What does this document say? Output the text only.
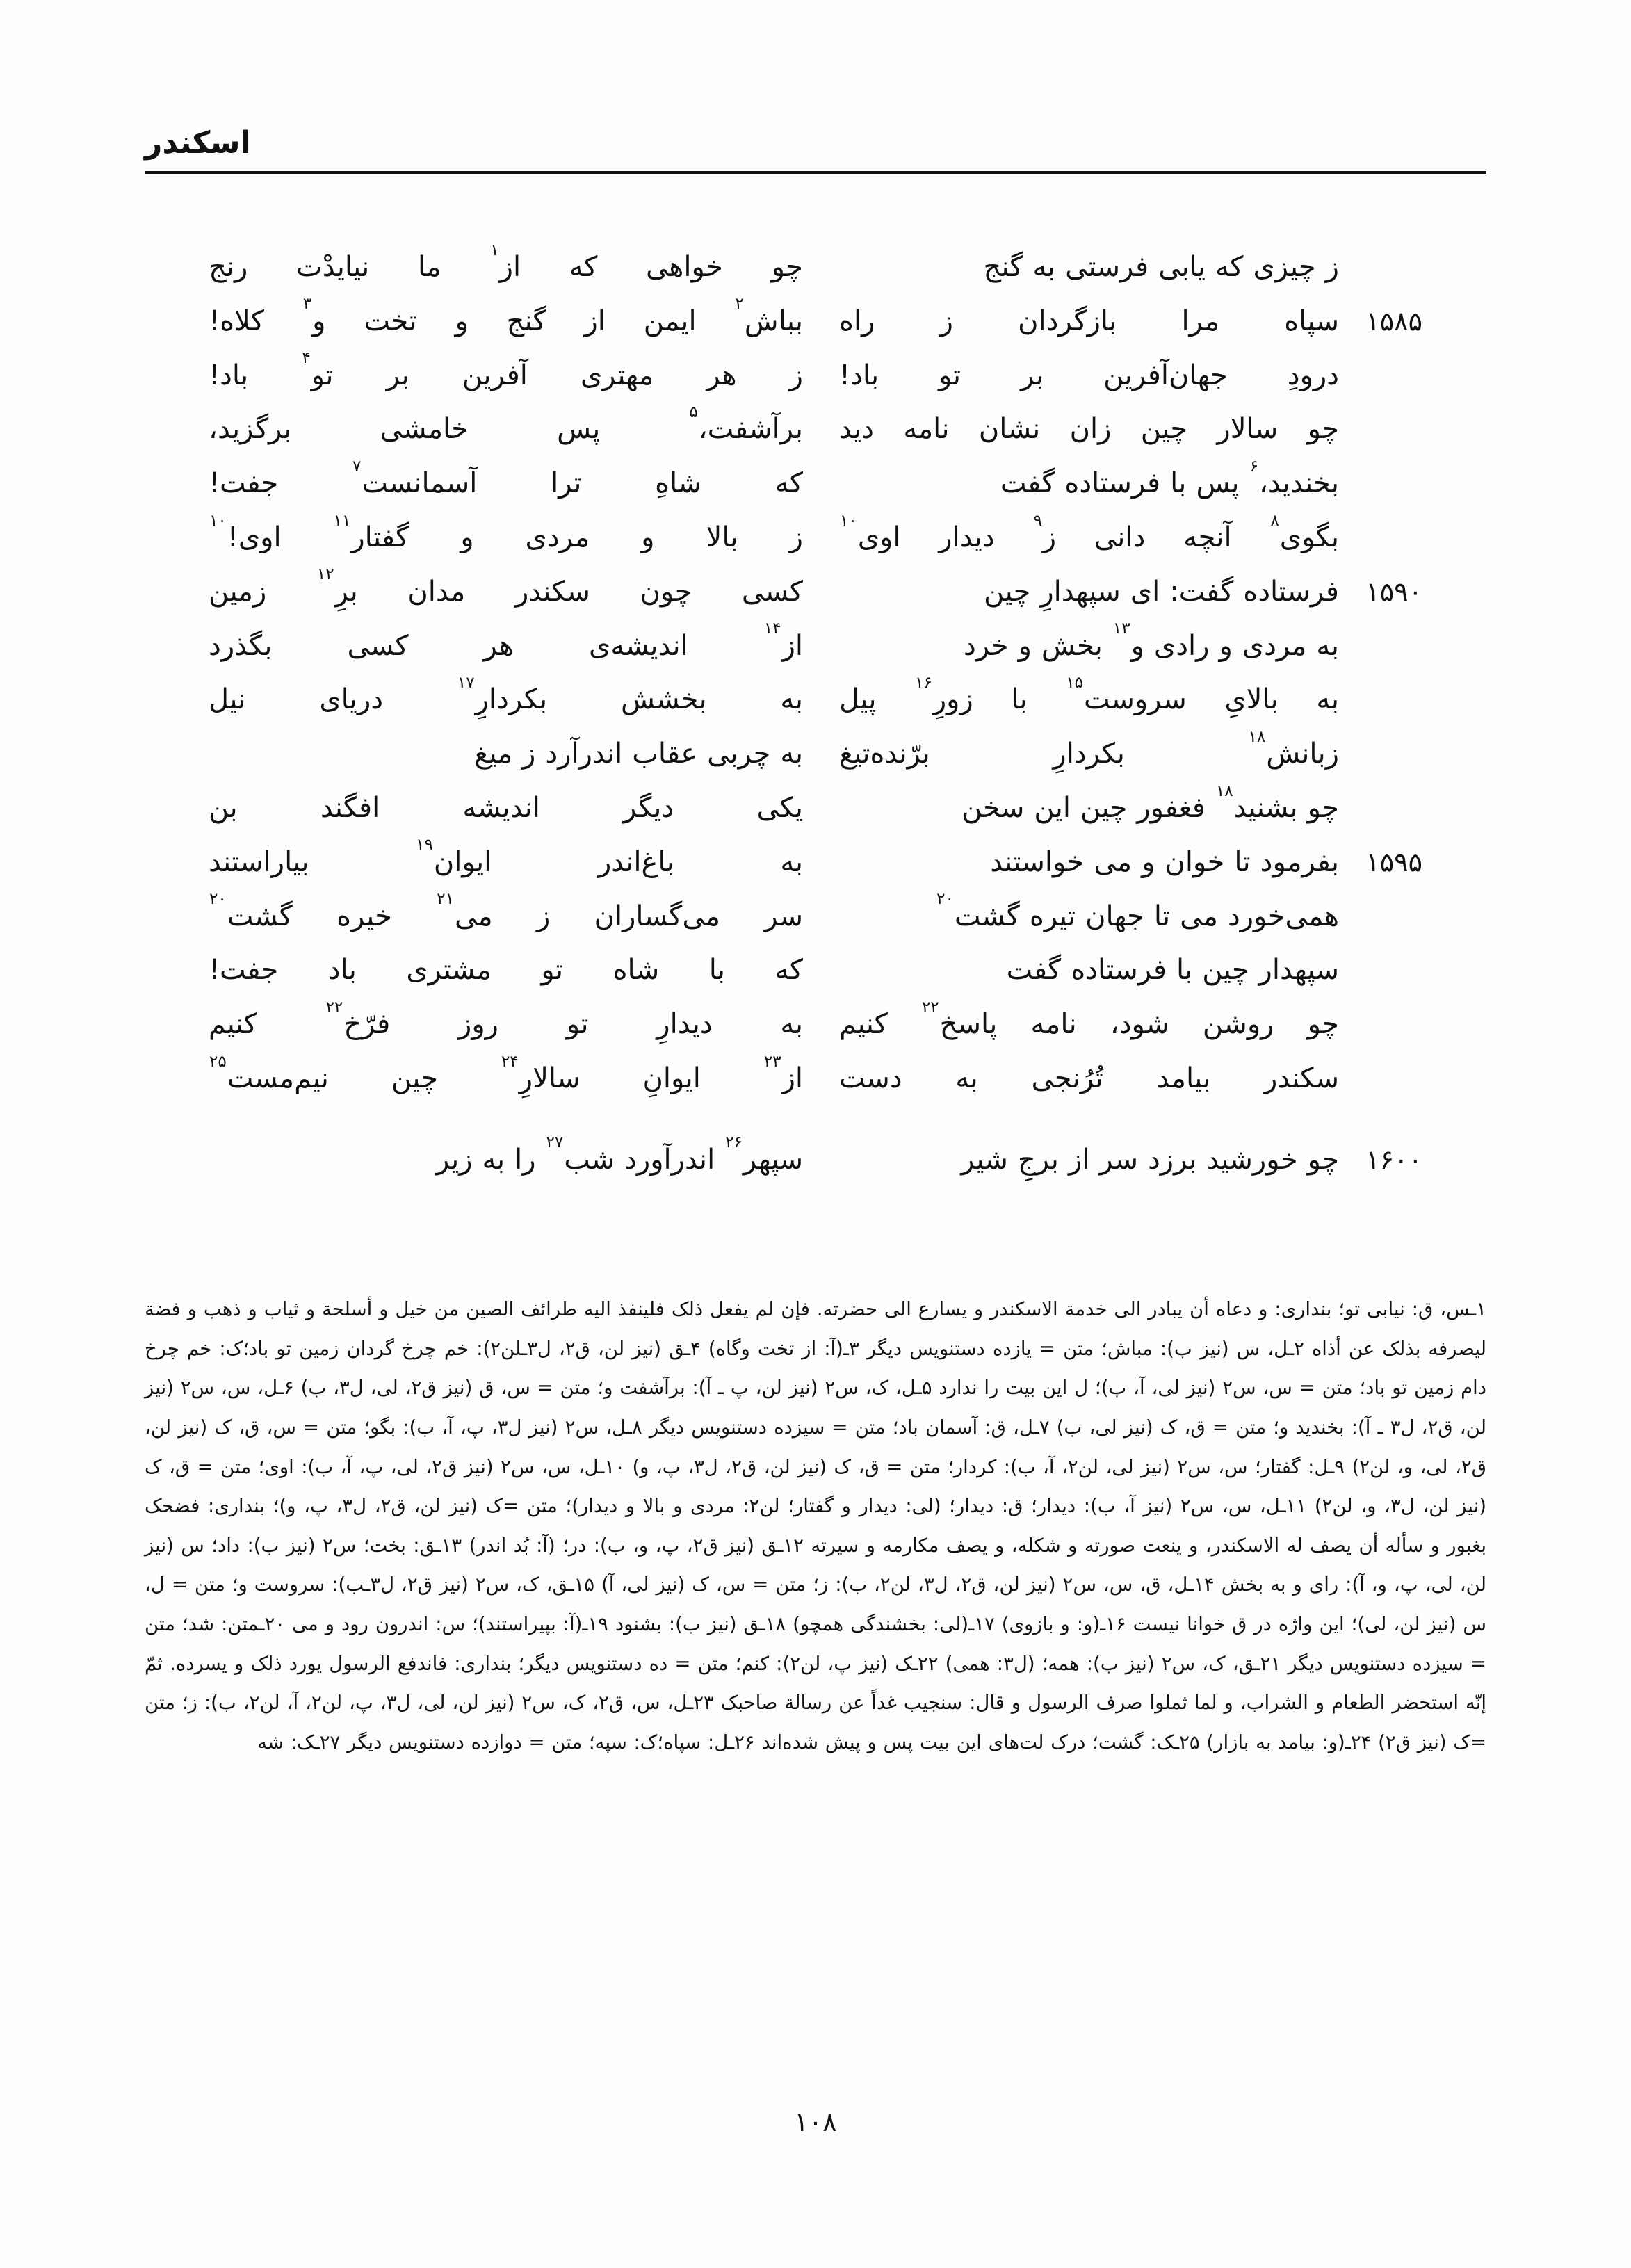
اسکندر

ز
چیزی
که
یابی
فرستی
به
گنج
چو
خواهی
که
از$^۱$
ما
نیایدْت
رنج
۱۵۸۵
سپاه
مرا
بازگردان
ز
راه
بباش$^۲$
ایمن
از
گنج
و
تخت
و$^۳$
کلاه!

درودِ
جهان‌آفرین
بر
تو
باد!
ز
هر
مهتری
آفرین
بر
تو$^۴$
باد!

چو
سالار
چین
زان
نشان
نامه
دید
برآشفت،$^۵$
پس
خامشی
برگزید،

بخندید،$^۶$
پس
با
فرستاده
گفت
که
شاهِ
ترا
آسمانست$^۷$
جفت!

بگوی$^۸$
آنچه
دانی
ز$^۹$
دیدار
اوی$^{۱۰}$
ز
بالا
و
مردی
و
گفتار$^{۱۱}$
اوی!$^{۱۰}$
۱۵۹۰
فرستاده
گفت:
ای
سپهدارِ
چین
کسی
چون
سکندر
مدان
برِ$^{۱۲}$
زمین

به
مردی
و
رادی
و$^{۱۳}$
بخش
و
خرد
از$^{۱۴}$
اندیشه‌ی
هر
کسی
بگذرد

به
بالایِ
سروست$^{۱۵}$
با
زورِ$^{۱۶}$
پیل
به
بخشش
بکردارِ$^{۱۷}$
دریای
نیل

زبانش$^{۱۸}$
بکردارِ
برّنده‌تیغ
به
چربی
عقاب
اندرآرد
ز
میغ

چو
بشنید$^{۱۸}$
فغفور
چین
این
سخن
یکی
دیگر
اندیشه
افگند
بن
۱۵۹۵
بفرمود
تا
خوان
و
می
خواستند
به
باغ‌اندر
ایوان$^{۱۹}$
بیاراستند

همی‌خورد
می
تا
جهان
تیره
گشت$^{۲۰}$
سر
می‌گساران
ز
می$^{۲۱}$
خیره
گشت$^{۲۰}$

سپهدار
چین
با
فرستاده
گفت
که
با
شاه
تو
مشتری
باد
جفت!

چو
روشن
شود،
نامه
پاسخ$^{۲۲}$
کنیم
به
دیدارِ
تو
روز
فرّخ$^{۲۲}$
کنیم

سکندر
بیامد
تُرُنجی
به
دست
از$^{۲۳}$
ایوانِ
سالارِ$^{۲۴}$
چین
نیم‌مست$^{۲۵}$
۱۶۰۰
چو
خورشید
برزد
سر
از
برجِ
شیر
سپهر$^{۲۶}$
اندرآورد
شب$^{۲۷}$
را
به
زیر

۱ـس، ق: نیابی تو؛ بنداری: و دعاه أن یبادر الی خدمة الاسکندر و یسارع الی حضرته. فإن لم یفعل ذلک فلینفذ الیه طرائف الصین من خیل و أسلحة و ثیاب و ذهب و فضة لیصرفه بذلک عن أذاه ۲ـل، س (نیز ب): مباش؛ متن = یازده دستنویس دیگر ۳ـ(آ: از تخت وگاه) ۴ـق (نیز لن، ق‌۲، ل‌۳ـلن‌۲): خم چرخ گردان زمین تو باد؛ک: خم چرخ دام زمین تو باد؛ متن = س، س‌۲ (نیز لی، آ، ب)؛ ل این بیت را ندارد ۵ـل، ک، س‌۲ (نیز لن، پ ـ آ): برآشفت و؛ متن = س، ق (نیز ق‌۲، لی، ل‌۳، ب) ۶ـل، س، س‌۲ (نیز لن، ق‌۲، ل‌۳ ـ آ): بخندید و؛ متن = ق، ک (نیز لی، ب) ۷ـل، ق: آسمان باد؛ متن = سیزده دستنویس دیگر ۸ـل، س‌۲ (نیز ل‌۳، پ، آ، ب): بگو؛ متن = س، ق، ک (نیز لن، ق‌۲، لی، و، لن‌۲) ۹ـل: گفتار؛ س، س‌۲ (نیز لی، لن‌۲، آ، ب): کردار؛ متن = ق، ک (نیز لن، ق‌۲، ل‌۳، پ، و) ۱۰ـل، س، س‌۲ (نیز ق‌۲، لی، پ، آ، ب): اوی؛ متن = ق، ک (نیز لن، ل‌۳، و، لن‌۲) ۱۱ـل، س، س‌۲ (نیز آ، ب): دیدار؛ ق: دیدار؛ (لی: دیدار و گفتار؛ لن‌۲: مردی و بالا و دیدار)؛ متن =ک (نیز لن، ق‌۲، ل‌۳، پ، و)؛ بنداری: فضحک بغبور و سأله أن یصف له الاسکندر، و ینعت صورته و شکله، و یصف مکارمه و سیرته ۱۲ـق (نیز ق‌۲، پ، و، ب): در؛ (آ: بُد اندر) ۱۳ـق: بخت؛ س‌۲ (نیز ب): داد؛ س (نیز لن، لی، پ، و، آ): رای و به بخش ۱۴ـل، ق، س، س‌۲ (نیز لن، ق‌۲، ل‌۳، لن‌۲، ب): ز؛ متن = س، ک (نیز لی، آ) ۱۵ـق، ک، س‌۲ (نیز ق‌۲، ل‌۳ـب): سروست و؛ متن = ل، س (نیز لن، لی)؛ این واژه در ق خوانا نیست ۱۶ـ(و: و بازوی) ۱۷ـ(لی: بخشندگی همچو) ۱۸ـق (نیز ب): بشنود ۱۹ـ(آ: بپیراستند)؛ س: اندرون رود و می ۲۰ـمتن: شد؛ متن = سیزده دستنویس دیگر ۲۱ـق، ک، س‌۲ (نیز ب): همه؛ (ل‌۳: همی) ۲۲ـک (نیز پ، لن‌۲): کنم؛ متن = ده دستنویس دیگر؛ بنداری: فاندفع الرسول یورد ذلک و یسرده. ثمّ إنّه استحضر الطعام و الشراب، و لما ثملوا صرف الرسول و قال: سنجیب غداً عن رسالة صاحبک ۲۳ـل، س، ق‌۲، ک، س‌۲ (نیز لن، لی، ل‌۳، پ، لن‌۲، آ، لن‌۲، ب): ز؛ متن =ک (نیز ق‌۲) ۲۴ـ(و: بیامد به بازار) ۲۵ـک: گشت؛ درک لت‌های این بیت پس و پیش شده‌اند ۲۶ـل: سپاه؛ک: سپه؛ متن = دوازده دستنویس دیگر ۲۷ـک: شه

۱۰۸
